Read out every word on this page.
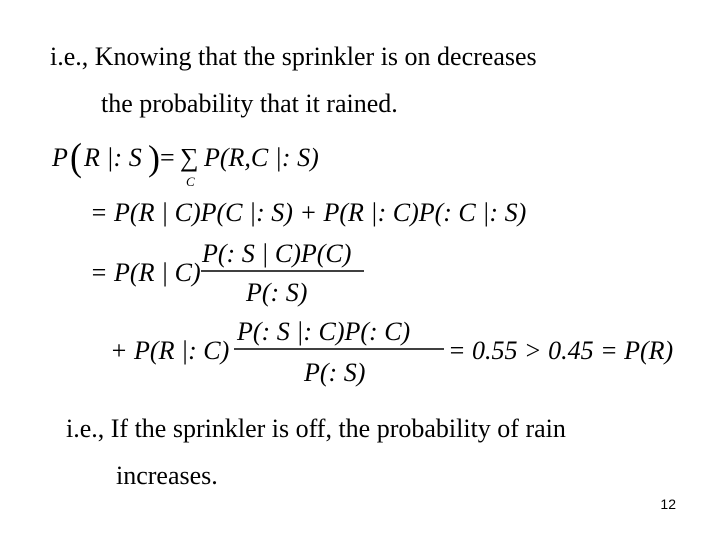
i.e., Knowing that the sprinkler is on decreases
the probability that it rained.
P ( R |: S ) = ∑
C
P(R,C |: S)
= P(R | C)P(C |: S) + P(R |: C)P(: C |: S)
= P(R | C)
P(: S | C)P(C)
P(: S)
+ P(R |: C)
P(: S |: C)P(: C)
P(: S)
= 0.55 > 0.45 = P(R)
i.e., If the sprinkler is off, the probability of rain
increases.
12
